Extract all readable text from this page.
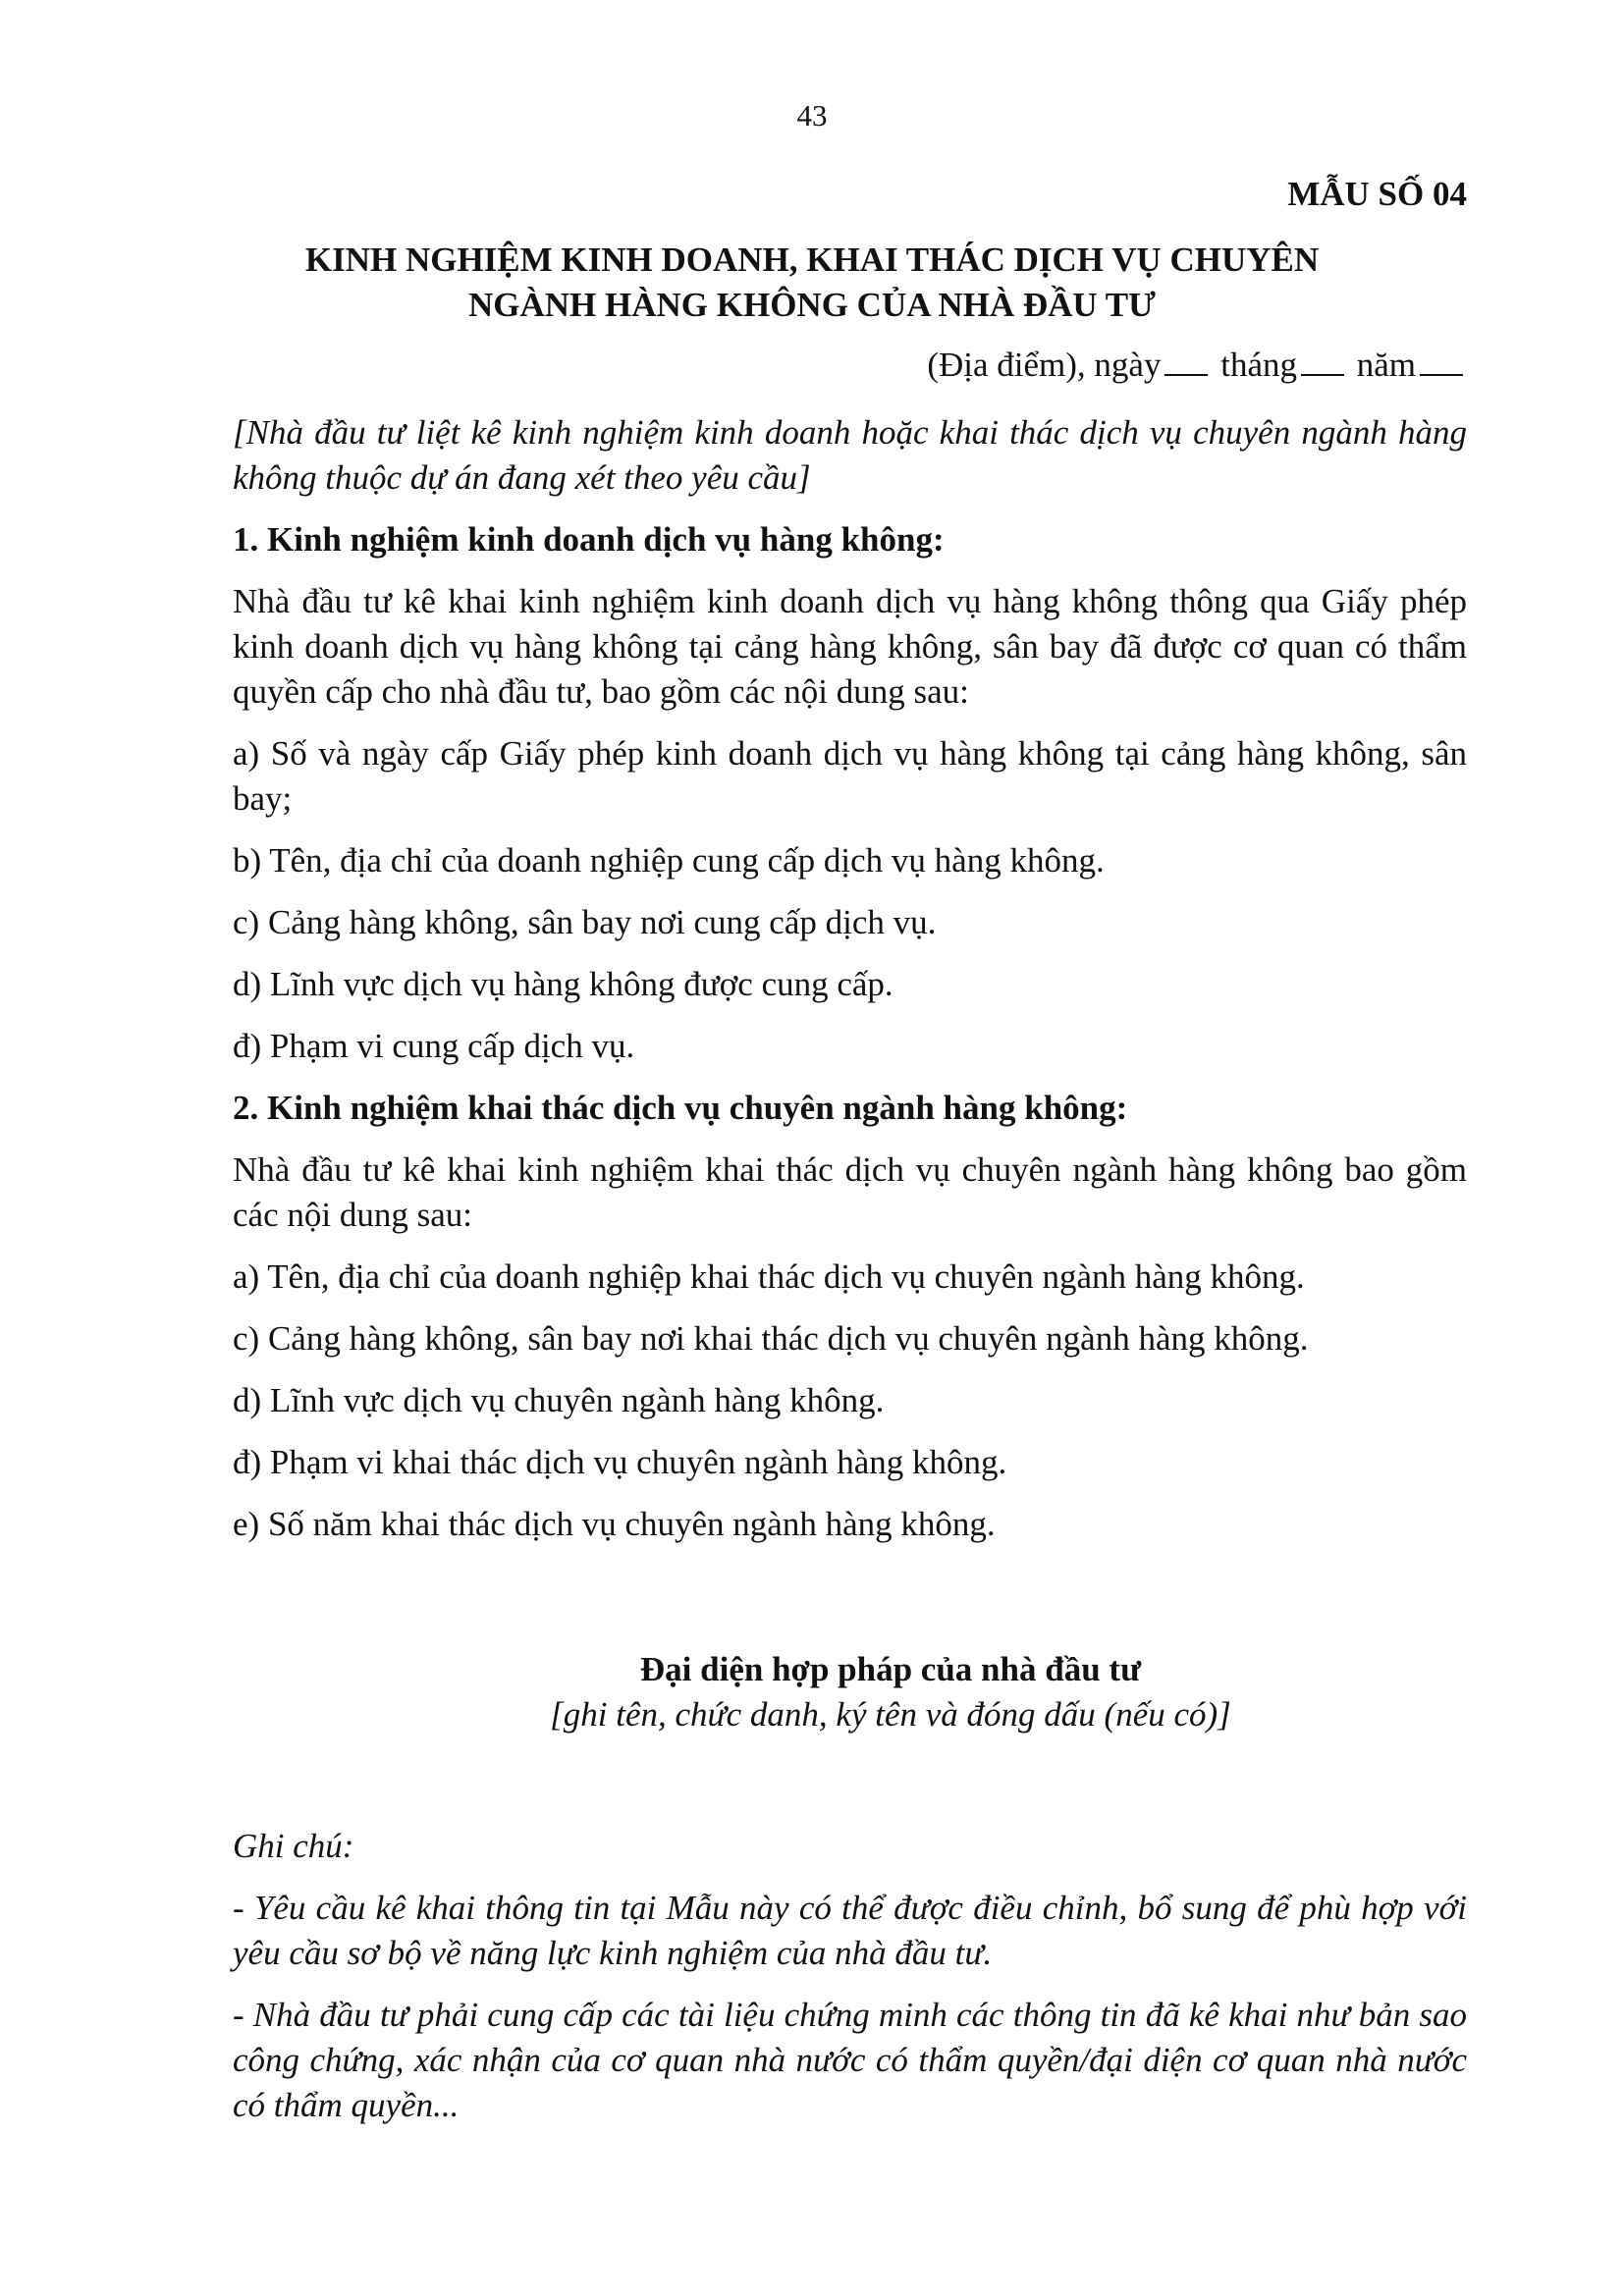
43
MẪU SỐ 04
KINH NGHIỆM KINH DOANH, KHAI THÁC DỊCH VỤ CHUYÊN
NGÀNH HÀNG KHÔNG CỦA NHÀ ĐẦU TƯ
(Địa điểm), ngày tháng năm

[Nhà đầu tư liệt kê kinh nghiệm kinh doanh hoặc khai thác dịch vụ chuyên ngành hàng không thuộc dự án đang xét theo yêu cầu]

1. Kinh nghiệm kinh doanh dịch vụ hàng không:

Nhà đầu tư kê khai kinh nghiệm kinh doanh dịch vụ hàng không thông qua Giấy phép kinh doanh dịch vụ hàng không tại cảng hàng không, sân bay đã được cơ quan có thẩm quyền cấp cho nhà đầu tư, bao gồm các nội dung sau:

a) Số và ngày cấp Giấy phép kinh doanh dịch vụ hàng không tại cảng hàng không, sân bay;

b) Tên, địa chỉ của doanh nghiệp cung cấp dịch vụ hàng không.

c) Cảng hàng không, sân bay nơi cung cấp dịch vụ.

d) Lĩnh vực dịch vụ hàng không được cung cấp.

đ) Phạm vi cung cấp dịch vụ.

2. Kinh nghiệm khai thác dịch vụ chuyên ngành hàng không:

Nhà đầu tư kê khai kinh nghiệm khai thác dịch vụ chuyên ngành hàng không bao gồm các nội dung sau:

a) Tên, địa chỉ của doanh nghiệp khai thác dịch vụ chuyên ngành hàng không.

c) Cảng hàng không, sân bay nơi khai thác dịch vụ chuyên ngành hàng không.

d) Lĩnh vực dịch vụ chuyên ngành hàng không.

đ) Phạm vi khai thác dịch vụ chuyên ngành hàng không.

e) Số năm khai thác dịch vụ chuyên ngành hàng không.

Đại diện hợp pháp của nhà đầu tư
[ghi tên, chức danh, ký tên và đóng dấu (nếu có)]

Ghi chú:

- Yêu cầu kê khai thông tin tại Mẫu này có thể được điều chỉnh, bổ sung để phù hợp với yêu cầu sơ bộ về năng lực kinh nghiệm của nhà đầu tư.

- Nhà đầu tư phải cung cấp các tài liệu chứng minh các thông tin đã kê khai như bản sao công chứng, xác nhận của cơ quan nhà nước có thẩm quyền/đại diện cơ quan nhà nước có thẩm quyền...
